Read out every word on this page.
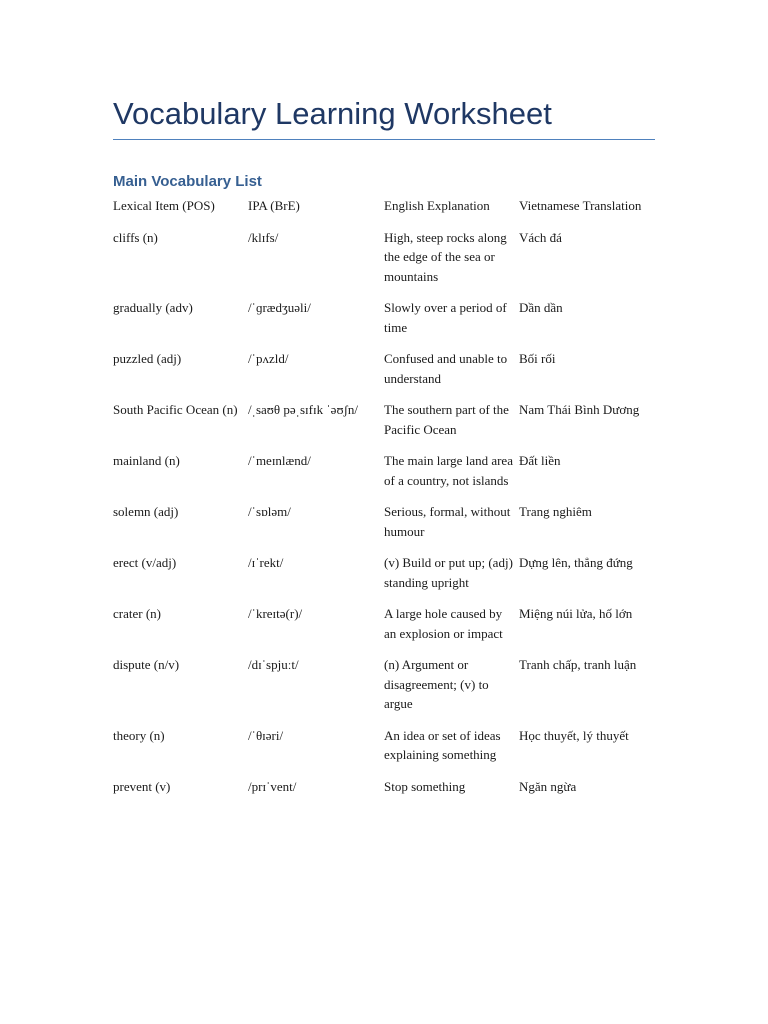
Vocabulary Learning Worksheet
Main Vocabulary List
Lexical Item (POS)	IPA (BrE)	English Explanation	Vietnamese Translation

cliffs (n)	/klɪfs/	High, steep rocks along the edge of the sea or mountains	Vách đá

gradually (adv)	/ˈɡrædʒuəli/	Slowly over a period of time	Dần dần

puzzled (adj)	/ˈpʌzld/	Confused and unable to understand	Bối rối

South Pacific Ocean (n)	/ˌsaʊθ pəˌsɪfɪk ˈəʊʃn/	The southern part of the Pacific Ocean	Nam Thái Bình Dương

mainland (n)	/ˈmeɪnlænd/	The main large land area of a country, not islands	Đất liền

solemn (adj)	/ˈsɒləm/	Serious, formal, without humour	Trang nghiêm

erect (v/adj)	/ɪˈrekt/	(v) Build or put up; (adj) standing upright	Dựng lên, thẳng đứng

crater (n)	/ˈkreɪtə(r)/	A large hole caused by an explosion or impact	Miệng núi lửa, hố lớn

dispute (n/v)	/dɪˈspjuːt/	(n) Argument or disagreement; (v) to argue	Tranh chấp, tranh luận

theory (n)	/ˈθɪəri/	An idea or set of ideas explaining something	Học thuyết, lý thuyết

prevent (v)	/prɪˈvent/	Stop something	Ngăn ngừa
